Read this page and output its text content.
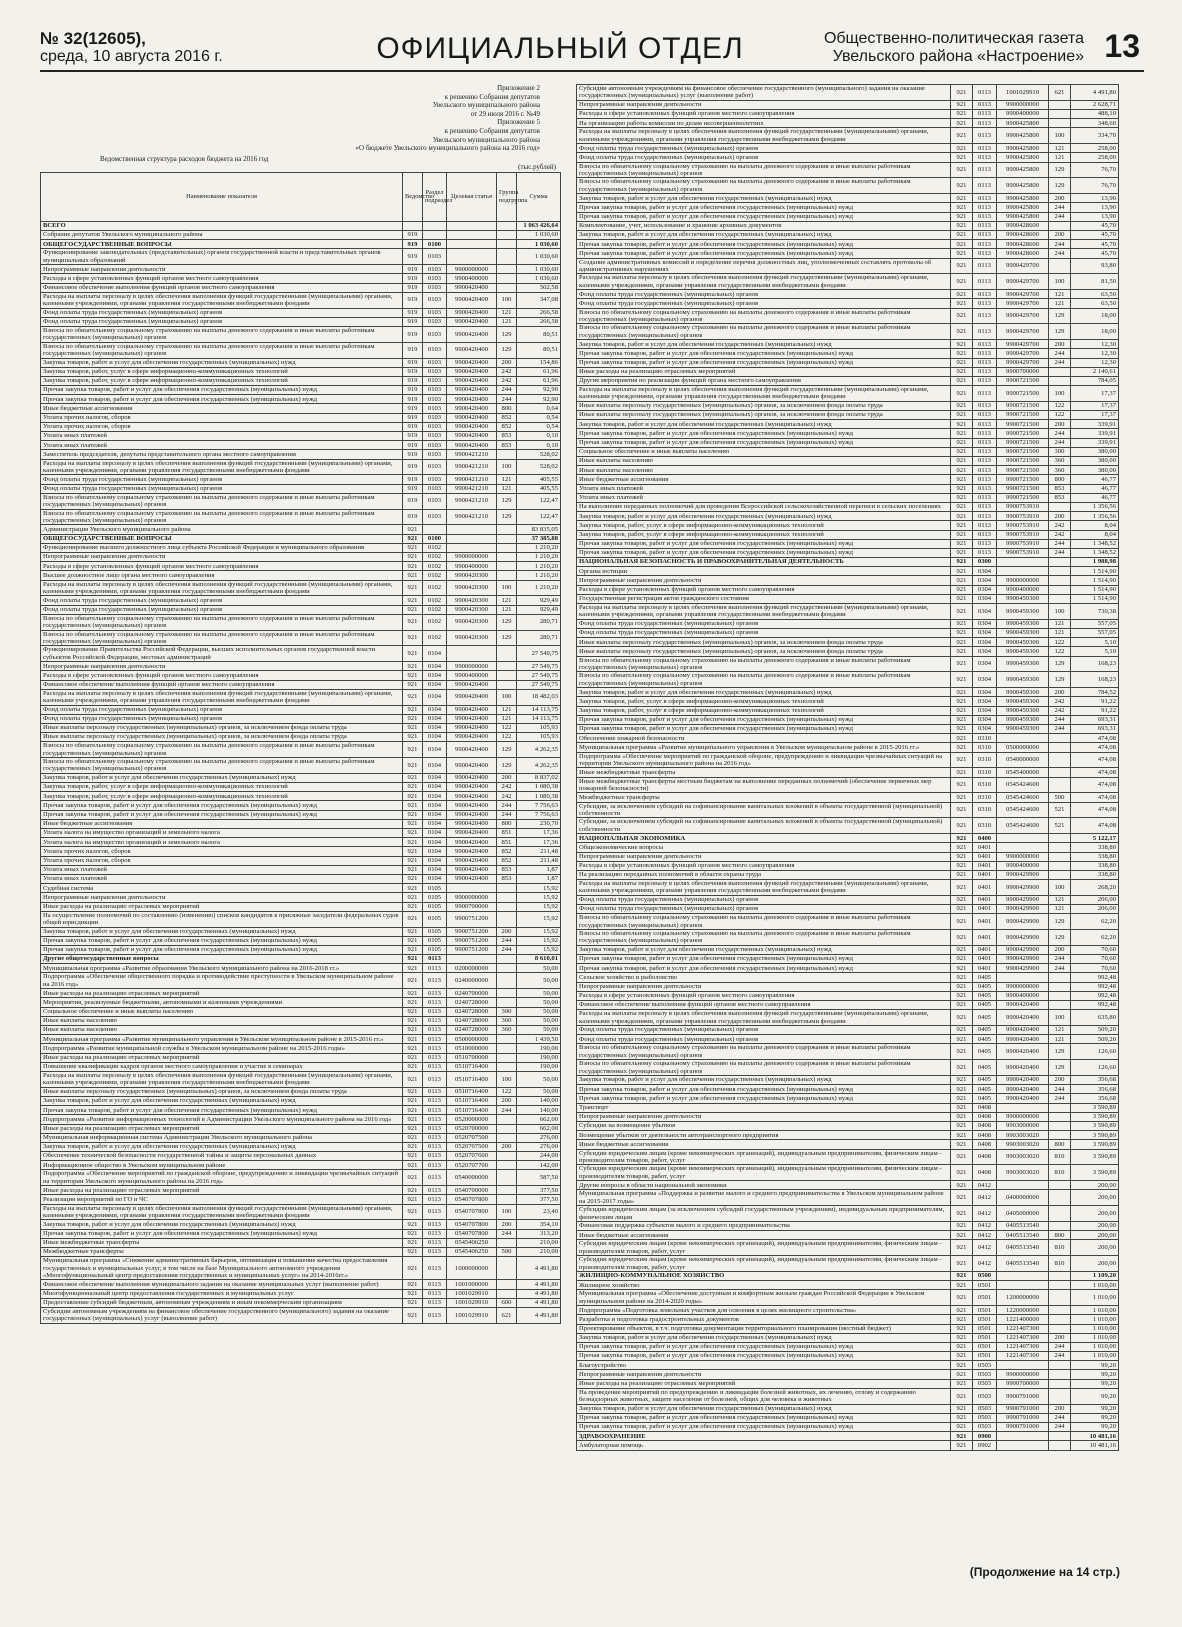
№ 32(12605),
среда, 10 августа 2016 г.	ОФИЦИАЛЬНЫЙ ОТДЕЛ	Общественно-политическая газета
Увельского района «Настроение» 13
Приложение 2
к решению Собрания депутатов
Увельского муниципального района
от 29 июля 2016 г. №49
Приложение 5
к решению Собрания депутатов
Увельского муниципального района
«О бюджете Увельского муниципального района на 2016 год»
Ведомственная структура расходов бюджета на 2016 год
(тыс.рублей)
Наименование показателя	Ведомство	Раздел подраздел	Целевая статья	Группа подгруппа	Сумма
ВСЕГО					1 063 426,64
Собрание депутатов Увельского муниципального района	919				1 030,60
ОБЩЕГОСУДАРСТВЕННЫЕ ВОПРОСЫ	919	0100			1 030,60
Функционирование законодательных (представительных) органов государственной власти и представительных органов муниципальных образований	919	0103			1 030,60
Непрограммные направления деятельности	919	0103	9900000000		1 030,60
Расходы в сфере установленных функций органов местного самоуправления	919	0103	9900400000		1 030,60
Финансовое обеспечение выполнения функций органов местного самоуправления	919	0103	9900420400		502,58
Расходы на выплаты персоналу в целях обеспечения выполнения функций государственными (муниципальными) органами, казенными учреждениями, органами управления государственными внебюджетными фондами	919	0103	9900420400	100	347,08
Фонд оплаты труда государственных (муниципальных) органов	919	0103	9900420400	121	266,58
Фонд оплаты труда государственных (муниципальных) органов	919	0103	9900420400	121	266,58
Взносы по обязательному социальному страхованию на выплаты денежного содержания и иные выплаты работникам государственных (муниципальных) органов	919	0103	9900420400	129	80,51
Взносы по обязательному социальному страхованию на выплаты денежного содержания и иные выплаты работникам государственных (муниципальных) органов	919	0103	9900420400	129	80,51
Закупка товаров, работ и услуг для обеспечения государственных (муниципальных) нужд	919	0103	9900420400	200	154,86
Закупка товаров, работ, услуг в сфере информационно-коммуникационных технологий	919	0103	9900420400	242	61,96
Закупка товаров, работ, услуг в сфере информационно-коммуникационных технологий	919	0103	9900420400	242	61,96
Прочая закупка товаров, работ и услуг для обеспечения государственных (муниципальных) нужд	919	0103	9900420400	244	92,90
Прочая закупка товаров, работ и услуг для обеспечения государственных (муниципальных) нужд	919	0103	9900420400	244	92,90
Иные бюджетные ассигнования	919	0103	9900420400	800	0,64
Уплата прочих налогов, сборов	919	0103	9900420400	852	0,54
Уплата прочих налогов, сборов	919	0103	9900420400	852	0,54
Уплата иных платежей	919	0103	9900420400	853	0,10
Уплата иных платежей	919	0103	9900420400	853	0,10
Заместитель председателя, депутаты представительного органа местного самоуправления	919	0103	9900421210		528,02
Расходы на выплаты персоналу в целях обеспечения выполнения функций государственными (муниципальными) органами, казенными учреждениями, органами управления государственными внебюджетными фондами	919	0103	9900421210	100	528,02
Фонд оплаты труда государственных (муниципальных) органов	919	0103	9900421210	121	405,55
Фонд оплаты труда государственных (муниципальных) органов	919	0103	9900421210	121	405,55
Взносы по обязательному социальному страхованию на выплаты денежного содержания и иные выплаты работникам государственных (муниципальных) органов	919	0103	9900421210	129	122,47
Взносы по обязательному социальному страхованию на выплаты денежного содержания и иные выплаты работникам государственных (муниципальных) органов	919	0103	9900421210	129	122,47
Администрация Увельского муниципального района	921				83 835,05
ОБЩЕГОСУДАРСТВЕННЫЕ ВОПРОСЫ	921	0100			37 385,88
Функционирование высшего должностного лица субъекта Российской Федерации и муниципального образования	921	0102			1 210,20
Непрограммные направления деятельности	921	0102	9900000000		1 210,20
Расходы в сфере установленных функций органов местного самоуправления	921	0102	9900400000		1 210,20
Высшее должностное лицо органа местного самоуправления	921	0102	9900420300		1 210,20
Расходы на выплаты персоналу в целях обеспечения выполнения функций государственными (муниципальными) органами, казенными учреждениями, органами управления государственными внебюджетными фондами	921	0102	9900420300	100	1 210,20
Фонд оплаты труда государственных (муниципальных) органов	921	0102	9900420300	121	929,49
Фонд оплаты труда государственных (муниципальных) органов	921	0102	9900420300	121	929,49
Взносы по обязательному социальному страхованию на выплаты денежного содержания и иные выплаты работникам государственных (муниципальных) органов	921	0102	9900420300	129	280,71
Взносы по обязательному социальному страхованию на выплаты денежного содержания и иные выплаты работникам государственных (муниципальных) органов	921	0102	9900420300	129	280,71
Функционирование Правительства Российской Федерации, высших исполнительных органов государственной власти субъектов Российской Федерации, местных администраций	921	0104			27 549,75
Непрограммные направления деятельности	921	0104	9900000000		27 549,75
Расходы в сфере установленных функций органов местного самоуправления	921	0104	9900400000		27 549,75
Финансовое обеспечение выполнения функций органов местного самоуправления	921	0104	9900420400		27 549,75
Расходы на выплаты персоналу в целях обеспечения выполнения функций государственными (муниципальными) органами, казенными учреждениями, органами управления государственными внебюджетными фондами	921	0104	9900420400	100	18 482,03
Фонд оплаты труда государственных (муниципальных) органов	921	0104	9900420400	121	14 113,75
Фонд оплаты труда государственных (муниципальных) органов	921	0104	9900420400	121	14 113,75
Иные выплаты персоналу государственных (муниципальных) органов, за исключением фонда оплаты труда	921	0104	9900420400	122	105,93
Иные выплаты персоналу государственных (муниципальных) органов, за исключением фонда оплаты труда	921	0104	9900420400	122	105,93
Взносы по обязательному социальному страхованию на выплаты денежного содержания и иные выплаты работникам государственных (муниципальных) органов	921	0104	9900420400	129	4 262,35
Взносы по обязательному социальному страхованию на выплаты денежного содержания и иные выплаты работникам государственных (муниципальных) органов	921	0104	9900420400	129	4 262,35
Закупка товаров, работ и услуг для обеспечения государственных (муниципальных) нужд	921	0104	9900420400	200	8 837,02
Закупка товаров, работ, услуг в сфере информационно-коммуникационных технологий	921	0104	9900420400	242	1 080,38
Закупка товаров, работ, услуг в сфере информационно-коммуникационных технологий	921	0104	9900420400	242	1 080,38
Прочая закупка товаров, работ и услуг для обеспечения государственных (муниципальных) нужд	921	0104	9900420400	244	7 756,63
Прочая закупка товаров, работ и услуг для обеспечения государственных (муниципальных) нужд	921	0104	9900420400	244	7 756,63
Иные бюджетные ассигнования	921	0104	9900420400	800	230,70
Уплата налога на имущество организаций и земельного налога	921	0104	9900420400	851	17,36
Уплата налога на имущество организаций и земельного налога	921	0104	9900420400	851	17,36
Уплата прочих налогов, сборов	921	0104	9900420400	852	211,48
Уплата прочих налогов, сборов	921	0104	9900420400	852	211,48
Уплата иных платежей	921	0104	9900420400	853	1,87
Уплата иных платежей	921	0104	9900420400	853	1,87
Судебная система	921	0105			15,92
Непрограммные направления деятельности	921	0105	9900000000		15,92
Иные расходы на реализацию отраслевых мероприятий	921	0105	9900700000		15,92
На осуществление полномочий по составлению (изменению) списков кандидатов в присяжные заседатели федеральных судов общей юрисдикции	921	0105	9900751200		15,92
Закупка товаров, работ и услуг для обеспечения государственных (муниципальных) нужд	921	0105	9900751200	200	15,92
Прочая закупка товаров, работ и услуг для обеспечения государственных (муниципальных) нужд	921	0105	9900751200	244	15,92
Прочая закупка товаров, работ и услуг для обеспечения государственных (муниципальных) нужд	921	0105	9900751200	244	15,92
Другие общегосударственные вопросы	921	0113			8 610,01
Муниципальная программа «Развитие образования Увельского муниципального района на 2016-2018 гг.»	921	0113	0200000000		50,00
Подпрограмма «Обеспечение общественного порядка и противодействие преступности в Увельском муниципальном районе на 2016 год»	921	0113	0240000000		50,00
Иные расходы на реализацию отраслевых мероприятий	921	0113	0240700000		50,00
Мероприятия, реализуемые бюджетными, автономными и казенными учреждениями	921	0113	0240728000		50,00
Социальное обеспечение и иные выплаты населению	921	0113	0240728000	300	50,00
Иные выплаты населению	921	0113	0240728000	360	50,00
Иные выплаты населению	921	0113	0240728000	360	50,00
Муниципальная программа «Развитие муниципального управления в Увельском муниципальном районе в 2015-2016 гг.»	921	0113	0500000000		1 439,50
Подпрограмма «Развитие муниципальной службы в Увельском муниципальном районе на 2015-2016 годы»	921	0113	0510000000		190,00
Иные расходы на реализацию отраслевых мероприятий	921	0113	0510700000		190,00
Повышение квалификации кадров органов местного самоуправления и участие в семинарах	921	0113	0510716400		190,00
Расходы на выплаты персоналу в целях обеспечения выполнения функций государственными (муниципальными) органами, казенными учреждениями, органами управления государственными внебюджетными фондами	921	0113	0510716400	100	50,00
Иные выплаты персоналу государственных (муниципальных) органов, за исключением фонда оплаты труда	921	0113	0510716400	122	50,00
Закупка товаров, работ и услуг для обеспечения государственных (муниципальных) нужд	921	0113	0510716400	200	140,00
Прочая закупка товаров, работ и услуг для обеспечения государственных (муниципальных) нужд	921	0113	0510716400	244	140,00
Подпрограмма «Развитие информационных технологий в Администрации Увельского муниципального района на 2016 год»	921	0113	0520000000		662,00
Иные расходы на реализацию отраслевых мероприятий	921	0113	0520700000		662,00
Муниципальная информационная система Администрации Увельского муниципального района	921	0113	0520707500		276,00
Закупка товаров, работ и услуг для обеспечения государственных (муниципальных) нужд	921	0113	0520707500	200	276,00
Обеспечение технической безопасности государственной тайны и защиты персональных данных	921	0113	0520707600		244,00
Информационное общество в Увельском муниципальном районе	921	0113	0520707700		142,00
Подпрограмма «Обеспечение мероприятий по гражданской обороне, предупреждению и ликвидации чрезвычайных ситуаций на территории Увельского муниципального района на 2016 год»	921	0113	0540000000		587,50
Иные расходы на реализацию отраслевых мероприятий	921	0113	0540700000		377,50
Реализация мероприятий по ГО и ЧС	921	0113	0540707800		377,50
Расходы на выплаты персоналу в целях обеспечения выполнения функций государственными (муниципальными) органами, казенными учреждениями, органами управления государственными внебюджетными фондами	921	0113	0540707800	100	23,40
Закупка товаров, работ и услуг для обеспечения государственных (муниципальных) нужд	921	0113	0540707800	200	354,10
Прочая закупка товаров, работ и услуг для обеспечения государственных (муниципальных) нужд	921	0113	0540707800	244	313,20
Иные межбюджетные трансферты	921	0113	0545406250		210,00
Межбюджетные трансферты	921	0113	0545406250	500	210,00
Муниципальная программа «Снижение административных барьеров, оптимизация и повышение качества предоставления государственных и муниципальных услуг, в том числе на базе Муниципального автономного учреждения «Многофункциональный центр предоставления государственных и муниципальных услуг» на 2014-2016гг.»	921	0113	1000000000		4 491,80
Финансовое обеспечение выполнения муниципального задания на оказание муниципальных услуг (выполнение работ)	921	0113	1001000000		4 491,80
Многофункциональный центр предоставления государственных и муниципальных услуг	921	0113	1001029910		4 491,80
Предоставление субсидий бюджетным, автономным учреждениям и иным некоммерческим организациям	921	0113	1001029910	600	4 491,80
Субсидии автономным учреждениям на финансовое обеспечение государственного (муниципального) задания на оказание государственных (муниципальных) услуг (выполнение работ)	921	0113	1001029910	621	4 491,80
Субсидии автономным учреждениям на финансовое обеспечение государственного (муниципального) задания на оказание государственных (муниципальных) услуг (выполнение работ)	921	0113	1001029910	621	4 491,80
Непрограммные направления деятельности	921	0113	9900000000		2 628,71
Расходы в сфере установленных функций органов местного самоуправления	921	0113	9900400000		488,10
На организацию работы комиссии по делам несовершеннолетних	921	0113	9900425800		348,60
Расходы на выплаты персоналу в целях обеспечения выполнения функций государственными (муниципальными) органами, казенными учреждениями, органами управления государственными внебюджетными фондами	921	0113	9900425800	100	334,70
Фонд оплаты труда государственных (муниципальных) органов	921	0113	9900425800	121	258,00
Фонд оплаты труда государственных (муниципальных) органов	921	0113	9900425800	121	258,00
Взносы по обязательному социальному страхованию на выплаты денежного содержания и иные выплаты работникам государственных (муниципальных) органов	921	0113	9900425800	129	76,70
Взносы по обязательному социальному страхованию на выплаты денежного содержания и иные выплаты работникам государственных (муниципальных) органов	921	0113	9900425800	129	76,70
Закупка товаров, работ и услуг для обеспечения государственных (муниципальных) нужд	921	0113	9900425800	200	13,90
Прочая закупка товаров, работ и услуг для обеспечения государственных (муниципальных) нужд	921	0113	9900425800	244	13,90
Прочая закупка товаров, работ и услуг для обеспечения государственных (муниципальных) нужд	921	0113	9900425800	244	13,90
Комплектование, учет, использование и хранение архивных документов	921	0113	9900428600		45,70
Закупка товаров, работ и услуг для обеспечения государственных (муниципальных) нужд	921	0113	9900428600	200	45,70
Прочая закупка товаров, работ и услуг для обеспечения государственных (муниципальных) нужд	921	0113	9900428600	244	45,70
Прочая закупка товаров, работ и услуг для обеспечения государственных (муниципальных) нужд	921	0113	9900428600	244	45,70
Создание административных комиссий и определение перечня должностных лиц, уполномоченных составлять протоколы об административных нарушениях	921	0113	9900429700		93,80
Расходы на выплаты персоналу в целях обеспечения выполнения функций государственными (муниципальными) органами, казенными учреждениями, органами управления государственными внебюджетными фондами	921	0113	9900429700	100	81,50
Фонд оплаты труда государственных (муниципальных) органов	921	0113	9900429700	121	63,50
Фонд оплаты труда государственных (муниципальных) органов	921	0113	9900429700	121	63,50
Взносы по обязательному социальному страхованию на выплаты денежного содержания и иные выплаты работникам государственных (муниципальных) органов	921	0113	9900429700	129	18,00
Взносы по обязательному социальному страхованию на выплаты денежного содержания и иные выплаты работникам государственных (муниципальных) органов	921	0113	9900429700	129	18,00
Закупка товаров, работ и услуг для обеспечения государственных (муниципальных) нужд	921	0113	9900429700	200	12,30
Прочая закупка товаров, работ и услуг для обеспечения государственных (муниципальных) нужд	921	0113	9900429700	244	12,30
Прочая закупка товаров, работ и услуг для обеспечения государственных (муниципальных) нужд	921	0113	9900429700	244	12,30
Иные расходы на реализацию отраслевых мероприятий	921	0113	9900700000		2 140,61
Другие мероприятия по реализации функций органа местного самоуправления	921	0113	9900721500		784,05
Расходы на выплаты персоналу в целях обеспечения выполнения функций государственными (муниципальными) органами, казенными учреждениями, органами управления государственными внебюджетными фондами	921	0113	9900721500	100	17,37
Иные выплаты персоналу государственных (муниципальных) органов, за исключением фонда оплаты труда	921	0113	9900721500	122	17,37
Иные выплаты персоналу государственных (муниципальных) органов, за исключением фонда оплаты труда	921	0113	9900721500	122	17,37
Закупка товаров, работ и услуг для обеспечения государственных (муниципальных) нужд	921	0113	9900721500	200	339,91
Прочая закупка товаров, работ и услуг для обеспечения государственных (муниципальных) нужд	921	0113	9900721500	244	339,91
Прочая закупка товаров, работ и услуг для обеспечения государственных (муниципальных) нужд	921	0113	9900721500	244	339,91
Социальное обеспечение и иные выплаты населению	921	0113	9900721500	300	380,00
Иные выплаты населению	921	0113	9900721500	360	380,00
Иные выплаты населению	921	0113	9900721500	360	380,00
Иные бюджетные ассигнования	921	0113	9900721500	800	46,77
Уплата иных платежей	921	0113	9900721500	853	46,77
Уплата иных платежей	921	0113	9900721500	853	46,77
На выполнение переданных полномочий для проведения Всероссийской сельскохозяйственной переписи в сельских поселениях	921	0113	9900753910		1 356,56
Закупка товаров, работ и услуг для обеспечения государственных (муниципальных) нужд	921	0113	9900753910	200	1 356,56
Закупка товаров, работ, услуг в сфере информационно-коммуникационных технологий	921	0113	9900753910	242	8,04
Закупка товаров, работ, услуг в сфере информационно-коммуникационных технологий	921	0113	9900753910	242	8,04
Прочая закупка товаров, работ и услуг для обеспечения государственных (муниципальных) нужд	921	0113	9900753910	244	1 348,52
Прочая закупка товаров, работ и услуг для обеспечения государственных (муниципальных) нужд	921	0113	9900753910	244	1 348,52
НАЦИОНАЛЬНАЯ БЕЗОПАСНОСТЬ И ПРАВООХРАНИТЕЛЬНАЯ ДЕЯТЕЛЬНОСТЬ	921	0300			1 988,98
Органы юстиции	921	0304			1 514,90
Непрограммные направления деятельности	921	0304	9900000000		1 514,90
Расходы в сфере установленных функций органов местного самоуправления	921	0304	9900400000		1 514,90
Государственная регистрация актов гражданского состояния	921	0304	9900459300		1 514,90
Расходы на выплаты персоналу в целях обеспечения выполнения функций государственными (муниципальными) органами, казенными учреждениями, органами управления государственными внебюджетными фондами	921	0304	9900459300	100	730,38
Фонд оплаты труда государственных (муниципальных) органов	921	0304	9900459300	121	557,05
Фонд оплаты труда государственных (муниципальных) органов	921	0304	9900459300	121	557,05
Иные выплаты персоналу государственных (муниципальных) органов, за исключением фонда оплаты труда	921	0304	9900459300	122	5,10
Иные выплаты персоналу государственных (муниципальных) органов, за исключением фонда оплаты труда	921	0304	9900459300	122	5,10
Взносы по обязательному социальному страхованию на выплаты денежного содержания и иные выплаты работникам государственных (муниципальных) органов	921	0304	9900459300	129	168,23
Взносы по обязательному социальному страхованию на выплаты денежного содержания и иные выплаты работникам государственных (муниципальных) органов	921	0304	9900459300	129	168,23
Закупка товаров, работ и услуг для обеспечения государственных (муниципальных) нужд	921	0304	9900459300	200	784,52
Закупка товаров, работ, услуг в сфере информационно-коммуникационных технологий	921	0304	9900459300	242	91,22
Закупка товаров, работ, услуг в сфере информационно-коммуникационных технологий	921	0304	9900459300	242	91,22
Прочая закупка товаров, работ и услуг для обеспечения государственных (муниципальных) нужд	921	0304	9900459300	244	693,31
Прочая закупка товаров, работ и услуг для обеспечения государственных (муниципальных) нужд	921	0304	9900459300	244	693,31
Обеспечение пожарной безопасности	921	0310			474,08
Муниципальная программа «Развитие муниципального управления в Увельском муниципальном районе в 2015-2016 гг.»	921	0310	0500000000		474,08
Подпрограмма «Обеспечение мероприятий по гражданской обороне, предупреждению и ликвидации чрезвычайных ситуаций на территории Увельского муниципального района на 2016 год»	921	0310	0540000000		474,08
Иные межбюджетные трансферты	921	0310	0545400000		474,08
Иные межбюджетные трансферты местным бюджетам на выполнение переданных полномочий (обеспечение первичных мер пожарной безопасности)	921	0310	0545424600		474,08
Межбюджетные трансферты	921	0310	0545424600	500	474,08
Субсидии, за исключением субсидий на софинансирование капитальных вложений в объекты государственной (муниципальной) собственности	921	0310	0545424600	521	474,08
Субсидии, за исключением субсидий на софинансирование капитальных вложений в объекты государственной (муниципальной) собственности	921	0310	0545424600	521	474,08
НАЦИОНАЛЬНАЯ ЭКОНОМИКА	921	0400			5 122,17
Общеэкономические вопросы	921	0401			338,80
Непрограммные направления деятельности	921	0401	9900000000		338,80
Расходы в сфере установленных функций органов местного самоуправления	921	0401	9900400000		338,80
На реализацию переданных полномочий в области охраны труда	921	0401	9900429900		338,80
Расходы на выплаты персоналу в целях обеспечения выполнения функций государственными (муниципальными) органами, казенными учреждениями, органами управления государственными внебюджетными фондами	921	0401	9900429900	100	268,20
Фонд оплаты труда государственных (муниципальных) органов	921	0401	9900429900	121	206,00
Фонд оплаты труда государственных (муниципальных) органов	921	0401	9900429900	121	206,00
Взносы по обязательному социальному страхованию на выплаты денежного содержания и иные выплаты работникам государственных (муниципальных) органов	921	0401	9900429900	129	62,20
Взносы по обязательному социальному страхованию на выплаты денежного содержания и иные выплаты работникам государственных (муниципальных) органов	921	0401	9900429900	129	62,20
Закупка товаров, работ и услуг для обеспечения государственных (муниципальных) нужд	921	0401	9900429900	200	70,60
Прочая закупка товаров, работ и услуг для обеспечения государственных (муниципальных) нужд	921	0401	9900429900	244	70,60
Прочая закупка товаров, работ и услуг для обеспечения государственных (муниципальных) нужд	921	0401	9900429900	244	70,60
Сельское хозяйство и рыболовство	921	0405			992,48
Непрограммные направления деятельности	921	0405	9900000000		992,48
Расходы в сфере установленных функций органов местного самоуправления	921	0405	9900400000		992,48
Финансовое обеспечение выполнения функций органов местного самоуправления	921	0405	9900420400		992,48
Расходы на выплаты персоналу в целях обеспечения выполнения функций государственными (муниципальными) органами, казенными учреждениями, органами управления государственными внебюджетными фондами	921	0405	9900420400	100	635,80
Фонд оплаты труда государственных (муниципальных) органов	921	0405	9900420400	121	509,20
Фонд оплаты труда государственных (муниципальных) органов	921	0405	9900420400	121	509,20
Взносы по обязательному социальному страхованию на выплаты денежного содержания и иные выплаты работникам государственных (муниципальных) органов	921	0405	9900420400	129	126,60
Взносы по обязательному социальному страхованию на выплаты денежного содержания и иные выплаты работникам государственных (муниципальных) органов	921	0405	9900420400	129	126,60
Закупка товаров, работ и услуг для обеспечения государственных (муниципальных) нужд	921	0405	9900420400	200	356,68
Прочая закупка товаров, работ и услуг для обеспечения государственных (муниципальных) нужд	921	0405	9900420400	244	356,68
Прочая закупка товаров, работ и услуг для обеспечения государственных (муниципальных) нужд	921	0405	9900420400	244	356,68
Транспорт	921	0408			3 590,89
Непрограммные направления деятельности	921	0408	9900000000		3 590,89
Субсидии на возмещение убытков	921	0408	9903000000		3 590,89
Возмещение убытков от деятельности автотранспортного предприятия	921	0408	9903003020		3 590,89
Иные бюджетные ассигнования	921	0408	9903003020	800	3 590,89
Субсидии юридическим лицам (кроме некоммерческих организаций), индивидуальным предпринимателям, физическим лицам - производителям товаров, работ, услуг	921	0408	9903003020	810	3 590,89
Субсидии юридическим лицам (кроме некоммерческих организаций), индивидуальным предпринимателям, физическим лицам - производителям товаров, работ, услуг	921	0408	9903003020	810	3 590,89
Другие вопросы в области национальной экономики	921	0412			200,00
Муниципальная программа «Поддержка и развитие малого и среднего предпринимательства в Увельском муниципальном районе на 2015-2017 годы»	921	0412	0400000000		200,00
Субсидии юридическим лицам (за исключением субсидий государственным учреждениям), индивидуальным предпринимателям, физическим лицам	921	0412	0405000000		200,00
Финансовая поддержка субъектов малого и среднего предпринимательства	921	0412	0405513540		200,00
Иные бюджетные ассигнования	921	0412	0405513540	800	200,00
Субсидии юридическим лицам (кроме некоммерческих организаций), индивидуальным предпринимателям, физическим лицам - производителям товаров, работ, услуг	921	0412	0405513540	810	200,00
Субсидии юридическим лицам (кроме некоммерческих организаций), индивидуальным предпринимателям, физическим лицам - производителям товаров, работ, услуг	921	0412	0405513540	810	200,00
ЖИЛИЩНО-КОММУНАЛЬНОЕ ХОЗЯЙСТВО	921	0500			1 109,20
Жилищное хозяйство	921	0501			1 010,00
Муниципальная программа «Обеспечение доступным и комфортным жильем граждан Российской Федерации в Увельском муниципальном районе на 2014-2020 годы»	921	0501	1200000000		1 010,00
Подпрограмма «Подготовка земельных участков для освоения в целях жилищного строительства»	921	0501	1220000000		1 010,00
Разработка и подготовка градостроительных документов	921	0501	1221400000		1 010,00
Проектирование объектов, в т.ч. подготовка документации территориального планирования (местный бюджет)	921	0501	1221407300		1 010,00
Закупка товаров, работ и услуг для обеспечения государственных (муниципальных) нужд	921	0501	1221407300	200	1 010,00
Прочая закупка товаров, работ и услуг для обеспечения государственных (муниципальных) нужд	921	0501	1221407300	244	1 010,00
Прочая закупка товаров, работ и услуг для обеспечения государственных (муниципальных) нужд	921	0501	1221407300	244	1 010,00
Благоустройство	921	0503			99,20
Непрограммные направления деятельности	921	0503	9900000000		99,20
Иные расходы на реализацию отраслевых мероприятий	921	0503	9900700000		99,20
На проведение мероприятий по предупреждению и ликвидации болезней животных, их лечению, отлову и содержанию безнадзорных животных, защите населения от болезней, общих для человека и животных	921	0503	9900791000		99,20
Закупка товаров, работ и услуг для обеспечения государственных (муниципальных) нужд	921	0503	9900791000	200	99,20
Прочая закупка товаров, работ и услуг для обеспечения государственных (муниципальных) нужд	921	0503	9900791000	244	99,20
Прочая закупка товаров, работ и услуг для обеспечения государственных (муниципальных) нужд	921	0503	9900791000	244	99,20
ЗДРАВООХРАНЕНИЕ	921	0900			10 481,16
Амбулаторная помощь	921	0902			10 481,16
(Продолжение на 14 стр.)
